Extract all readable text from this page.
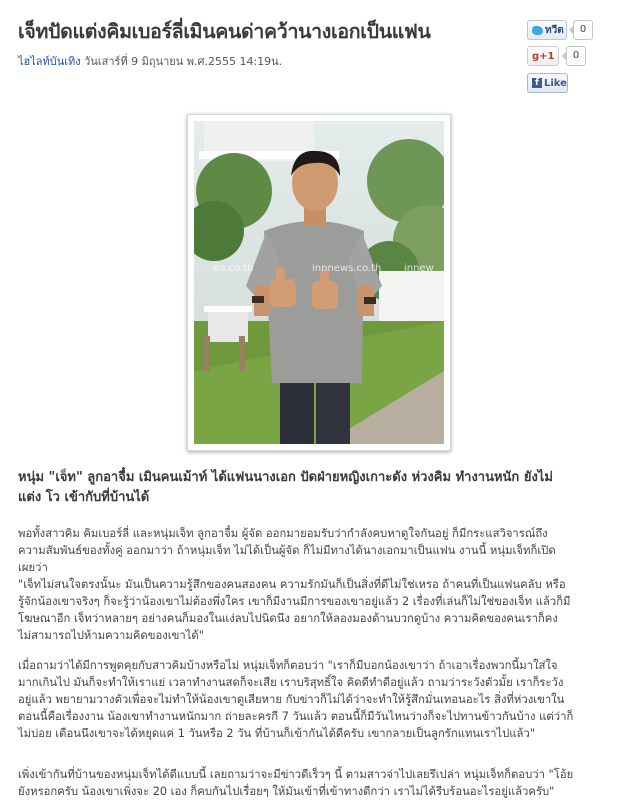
เจ็ทปัดแต่งคิมเบอร์ลี่เมินคนด่าคว้านางเอกเป็นแฟน
ไฮไลท์บันเทิง วันเสาร์ที่ 9 มิถุนายน พ.ศ.2555 14:19น.
ทวีต	0
g+1	0
f Like
ws.co.th	innnews.co.th innew
หนุ่ม "เจ็ท" ลูกอาจื๋ม เมินคนเม้าท์ ได้แฟนนางเอก ปัดฝ่ายหญิงเกาะดัง ห่วงคิม ทำงานหนัก ยังไม่
แต่ง โว เข้ากับที่บ้านได้
พอทั้งสาวคิม คิมเบอร์ลี่ และหนุ่มเจ็ท ลูกอาจื๋ม ผู้จัด ออกมายอมรับว่ากำลังคบหาดูใจกันอยู่ ก็มีกระแสวิจารณ์ถึง
ความสัมพันธ์ของทั้งคู่ ออกมาว่า ถ้าหนุ่มเจ็ท ไม่ได้เป็นผู้จัด ก็ไม่มีทางได้นางเอกมาเป็นแฟน งานนี้ หนุ่มเจ็ทก็เปิด
เผยว่า
"เจ็ทไม่สนใจตรงนั้นะ มันเป็นความรู้สึกของคนสองคน ความรักมันก็เป็นสิ่งที่ดีไม่ใช่เหรอ ถ้าคนที่เป็นแฟนคลับ หรือ
รู้จักน้องเขาจริงๆ ก็จะรู้ว่าน้องเขาไม่ต้องพึ่งใคร เขาก็มีงานมีการของเขาอยู่แล้ว 2 เรื่องที่เล่นก็ไม่ใช่ของเจ็ท แล้วก็มี
โฆษณาอีก เจ็ทว่าหลายๆ อย่างคนก็มองในแง่ลบไปนิดนึง อยากให้ลองมองด้านบวกดูบ้าง ความคิดของคนเราก็คง
ไม่สามารถไปห้ามความคิดของเขาได้"
เมื่อถามว่าได้มีการพูดคุยกับสาวคิมบ้างหรือไม่ หนุ่มเจ็ทก็ตอบว่า "เราก็มีบอกน้องเขาว่า ถ้าเอาเรื่องพวกนี้มาใส่ใจ
มากเกินไป มันก็จะทำให้เราแย่ เวลาทำงานสดก็จะเสีย เราบริสุทธิ์ใจ คิดดีทำดีอยู่แล้ว ถามว่าระวังตัวมั้ย เราก็ระวัง
อยู่แล้ว พยายามวางตัวเพื่อจะไม่ทำให้น้องเขาดูเสียหาย กับข่าวก็ไม่ได้ว่าจะทำให้รู้สึกมั่นเทอนอะไร สิ่งที่ห่วงเขาใน
ตอนนี้คือเรื่องงาน น้องเขาทำงานหนักมาก ถ่ายละครกี 7 วันแล้ว ตอนนี้ก็มีวันไหนว่างก็จะไปทานข้าวกันบ้าง แต่ว่าก็
ไม่บ่อย เดือนนึงเขาจะได้หยุดแค่ 1 วันหรือ 2 วัน ที่บ้านก็เข้ากันได้ดีครับ เขากลายเป็นลูกรักแทนเราไปแล้ว"
เพิ่งเข้ากันที่บ้านของหนุ่มเจ็ทได้ดีแบบนี้ เลยถามว่าจะมีข่าวดีเร็วๆ นี้ ตามสาวจ่าไปเลยรึเปล่า หนุ่มเจ็ทก็ตอบว่า "โอ้ย
ยังหรอกครับ น้องเขาเพิ่งจะ 20 เอง ก็คบกันไปเรื่อยๆ ให้มันเข้าที่เข้าทางดีกว่า เราไม่ได้รีบร้อนอะไรอยู่แล้วครับ"
